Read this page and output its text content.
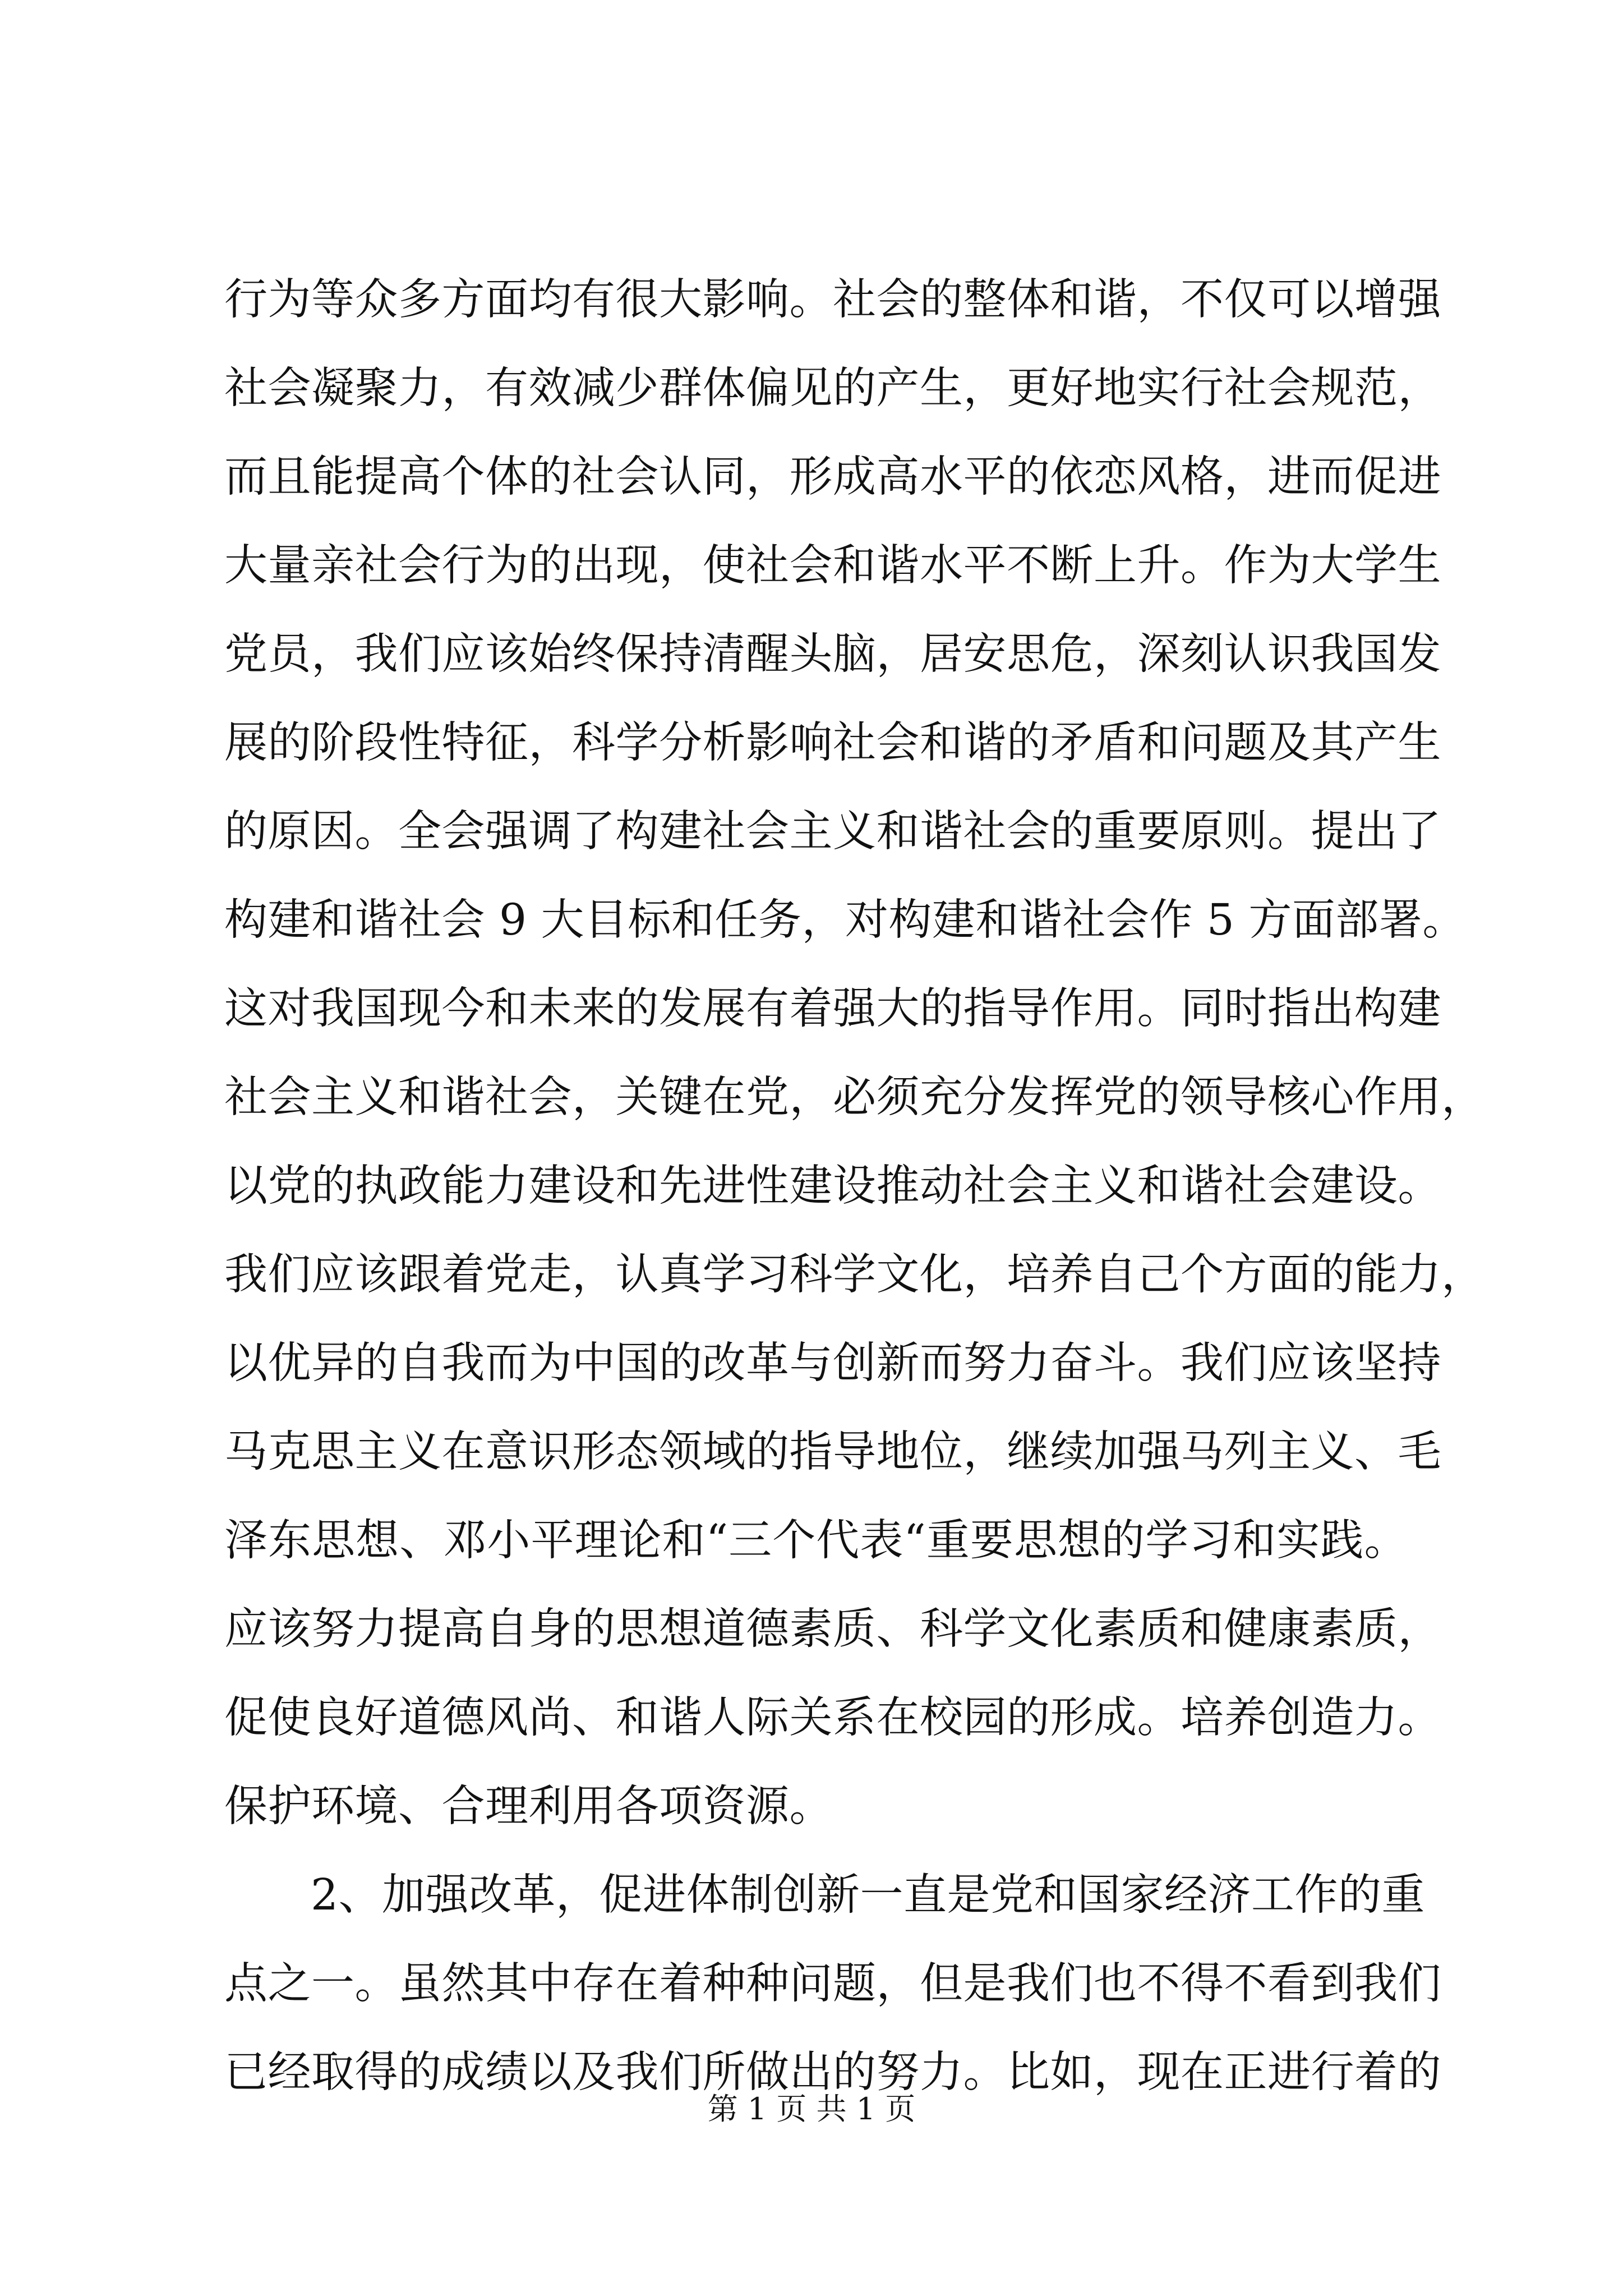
行为等众多方面均有很大影响。社会的整体和谐，不仅可以增强
社会凝聚力，有效减少群体偏见的产生，更好地实行社会规范，
而且能提高个体的社会认同，形成高水平的依恋风格，进而促进
大量亲社会行为的出现，使社会和谐水平不断上升。作为大学生
党员，我们应该始终保持清醒头脑，居安思危，深刻认识我国发
展的阶段性特征，科学分析影响社会和谐的矛盾和问题及其产生
的原因。全会强调了构建社会主义和谐社会的重要原则。提出了
构建和谐社会 9 大目标和任务，对构建和谐社会作 5 方面部署。
这对我国现今和未来的发展有着强大的指导作用。同时指出构建
社会主义和谐社会，关键在党，必须充分发挥党的领导核心作用，
以党的执政能力建设和先进性建设推动社会主义和谐社会建设。
我们应该跟着党走，认真学习科学文化，培养自己个方面的能力，
以优异的自我而为中国的改革与创新而努力奋斗。我们应该坚持
马克思主义在意识形态领域的指导地位，继续加强马列主义、毛
泽东思想、邓小平理论和“三个代表“重要思想的学习和实践。
应该努力提高自身的思想道德素质、科学文化素质和健康素质，
促使良好道德风尚、和谐人际关系在校园的形成。培养创造力。
保护环境、合理利用各项资源。
2、加强改革，促进体制创新一直是党和国家经济工作的重
点之一。虽然其中存在着种种问题，但是我们也不得不看到我们
已经取得的成绩以及我们所做出的努力。比如，现在正进行着的
第 1 页 共 1 页
